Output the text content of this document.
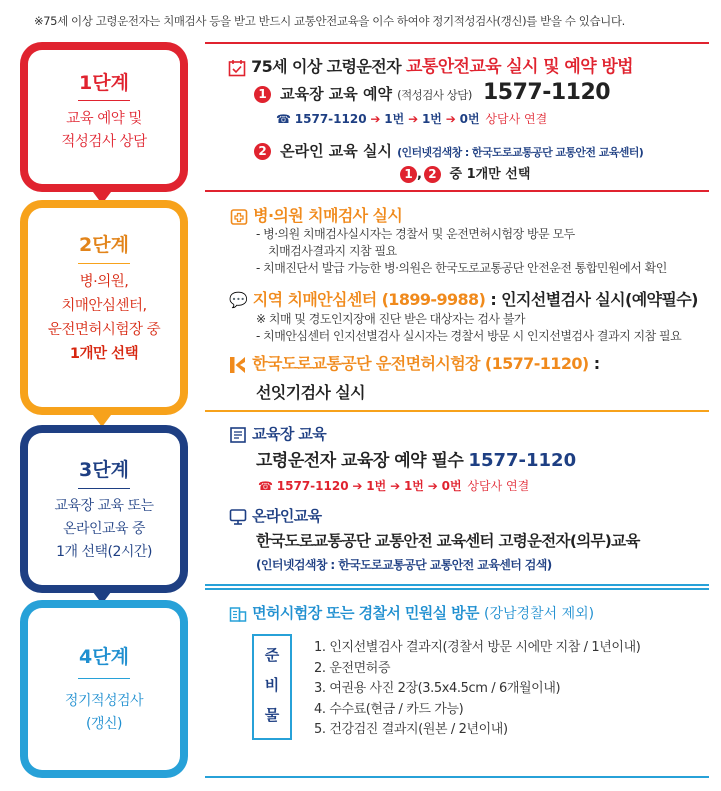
※75세 이상 고령운전자는 치매검사 등을 받고 반드시 교통안전교육을 이수 하여야 정기적성검사(갱신)를 받을 수 있습니다.
1단계
교육 예약 및
적성검사 상담
2단계
병·의원,
치매안심센터,
운전면허시험장 중
1개만 선택
3단계
교육장 교육 또는
온라인교육 중
1개 선택(2시간)
4단계
정기적성검사
(갱신)
75세 이상 고령운전자 교통안전교육 실시 및 예약 방법
1 교육장 교육 예약 (적성검사 상담) 1577-1120
☎ 1577-1120 ➔ 1번 ➔ 1번 ➔ 0번 상담사 연결
2 온라인 교육 실시 (인터넷검색창 : 한국도로교통공단 교통안전 교육센터)
1 , 2 중 1개만 선택
병·의원 치매검사 실시
- 병·의원 치매검사실시자는 경찰서 및 운전면허시험장 방문 모두
치매검사결과지 지참 필요
- 치매진단서 발급 가능한 병·의원은 한국도로교통공단 안전운전 통합민원에서 확인
💬 지역 치매안심센터 (1899-9988) : 인지선별검사 실시(예약필수)
※ 치매 및 경도인지장애 진단 받은 대상자는 검사 불가
- 치매안심센터 인지선별검사 실시자는 경찰서 방문 시 인지선별검사 결과지 지참 필요
한국도로교통공단 운전면허시험장 (1577-1120) :
선잇기검사 실시
교육장 교육
고령운전자 교육장 예약 필수 1577-1120
☎ 1577-1120 ➔ 1번 ➔ 1번 ➔ 0번 상담사 연결
온라인교육
한국도로교통공단 교통안전 교육센터 고령운전자(의무)교육
(인터넷검색창 : 한국도로교통공단 교통안전 교육센터 검색)
면허시험장 또는 경찰서 민원실 방문 (강남경찰서 제외)
준
비
물
1. 인지선별검사 결과지(경찰서 방문 시에만 지참 / 1년이내)
2. 운전면허증
3. 여권용 사진 2장(3.5x4.5cm / 6개월이내)
4. 수수료(현금 / 카드 가능)
5. 건강검진 결과지(원본 / 2년이내)
